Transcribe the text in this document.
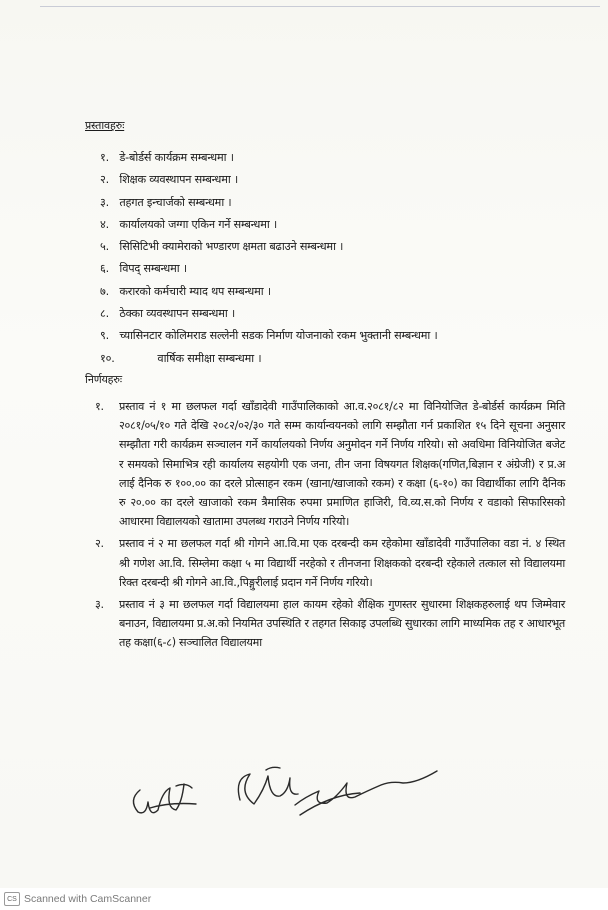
प्रस्तावहरुः
१. डे-बोर्डर्स कार्यक्रम सम्बन्धमा ।
२. शिक्षक व्यवस्थापन सम्बन्धमा ।
३. तहगत इन्चार्जको सम्बन्धमा ।
४. कार्यालयको जग्गा एकिन गर्ने सम्बन्धमा ।
५. सिसिटिभी क्यामेराको भण्डारण क्षमता बढाउने सम्बन्धमा ।
६. विपद् सम्बन्धमा ।
७. करारको कर्मचारी म्याद थप सम्बन्धमा ।
८. ठेक्का व्यवस्थापन सम्बन्धमा ।
९. च्यासिनटार कोलिमराड सल्लेनी सडक निर्माण योजनाको रकम भुक्तानी सम्बन्धमा ।
१०.	वार्षिक समीक्षा सम्बन्धमा ।
निर्णयहरुः
१.	प्रस्ताव नं १ मा छलफल गर्दा खाँडादेवी गाउँपालिकाको आ.व.२०८१/८२ मा विनियोजित डे-बोर्डर्स कार्यक्रम मिति २०८१/०५/१० गते देखि २०८२/०२/३० गते सम्म कार्यान्वयनको लागि सम्झौता गर्न प्रकाशित १५ दिने सूचना अनुसार सम्झौता गरी कार्यक्रम सञ्चालन गर्ने कार्यालयको निर्णय अनुमोदन गर्ने निर्णय गरियो। सो अवधिमा विनियोजित बजेट र समयको सिमाभित्र रही कार्यालय सहयोगी एक जना, तीन जना विषयगत शिक्षक(गणित,बिज्ञान र अंग्रेजी) र प्र.अ लाई दैनिक रु १००.०० का दरले प्रोत्साहन रकम (खाना/खाजाको रकम) र कक्षा (६-१०) का विद्यार्थीका लागि दैनिक रु २०.०० का दरले खाजाको रकम त्रैमासिक रुपमा प्रमाणित हाजिरी, वि.व्य.स.को निर्णय र वडाको सिफारिसको आधारमा विद्यालयको खातामा उपलब्ध गराउने निर्णय गरियो।
२.	प्रस्ताव नं २ मा छलफल गर्दा श्री गोगने आ.वि.मा एक दरबन्दी कम रहेकोमा खाँडादेवी गाउँपालिका वडा नं. ४ स्थित श्री गणेश आ.वि. सिम्लेमा कक्षा ५ मा विद्यार्थी नरहेको र तीनजना शिक्षकको दरबन्दी रहेकाले तत्काल सो विद्यालयमा रिक्त दरबन्दी श्री गोगने आ.वि.,पिङ्गुरीलाई प्रदान गर्ने निर्णय गरियो।
३.	प्रस्ताव नं ३ मा छलफल गर्दा विद्यालयमा हाल कायम रहेको शैक्षिक गुणस्तर सुधारमा शिक्षकहरुलाई थप जिम्मेवार बनाउन, विद्यालयमा प्र.अ.को नियमित उपस्थिति र तहगत सिकाइ उपलब्धि सुधारका लागि माध्यमिक तह र आधारभूत तह कक्षा(६-८) सञ्चालित विद्यालयमा
CS Scanned with CamScanner
